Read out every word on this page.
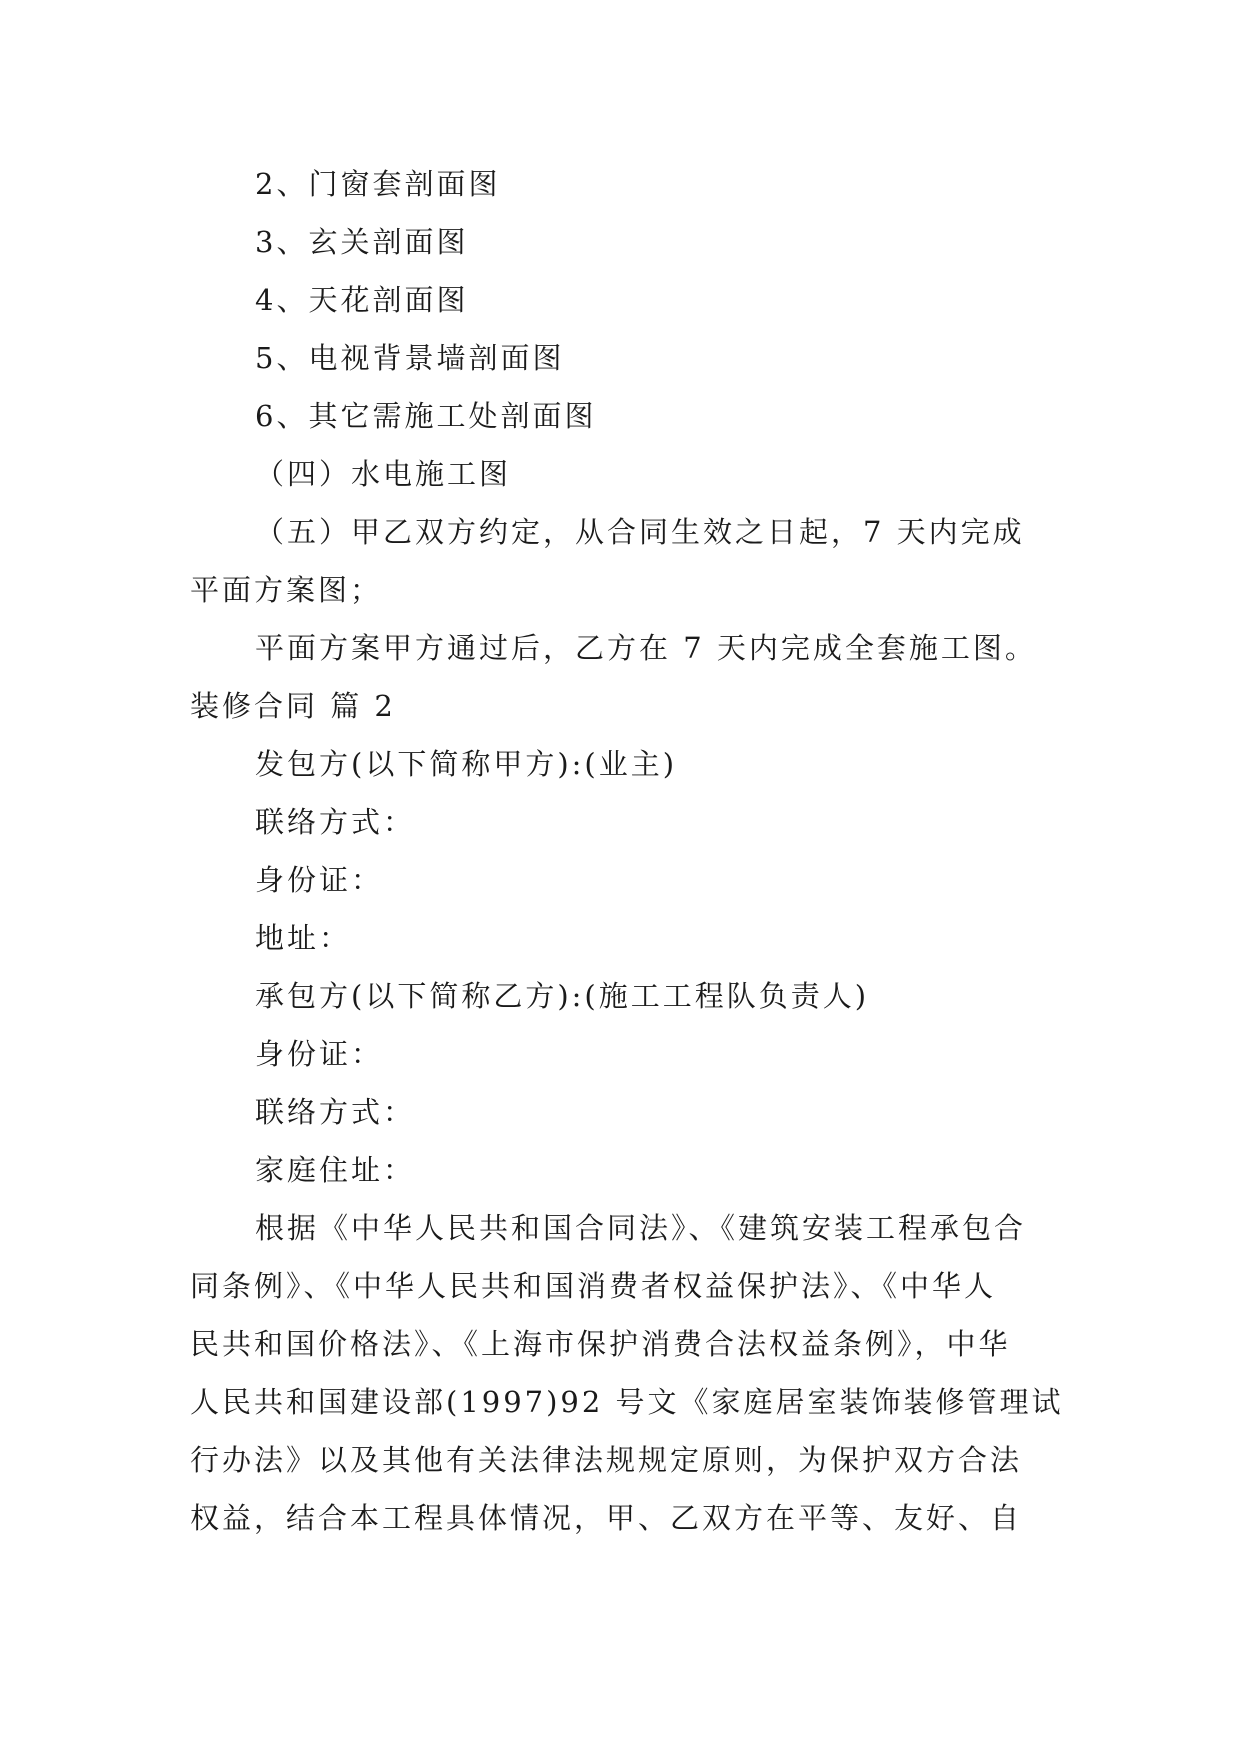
2、门窗套剖面图
3、玄关剖面图
4、天花剖面图
5、电视背景墙剖面图
6、其它需施工处剖面图
（四）水电施工图
（五）甲乙双方约定，从合同生效之日起，7 天内完成
平面方案图；
平面方案甲方通过后，乙方在 7 天内完成全套施工图。
装修合同 篇 2
发包方(以下简称甲方):(业主)
联络方式：
身份证：
地址：
承包方(以下简称乙方):(施工工程队负责人)
身份证：
联络方式：
家庭住址：
根据《中华人民共和国合同法》、《建筑安装工程承包合
同条例》、《中华人民共和国消费者权益保护法》、《中华人
民共和国价格法》、《上海市保护消费合法权益条例》，中华
人民共和国建设部(1997)92 号文《家庭居室装饰装修管理试
行办法》以及其他有关法律法规规定原则，为保护双方合法
权益，结合本工程具体情况，甲、乙双方在平等、友好、自
